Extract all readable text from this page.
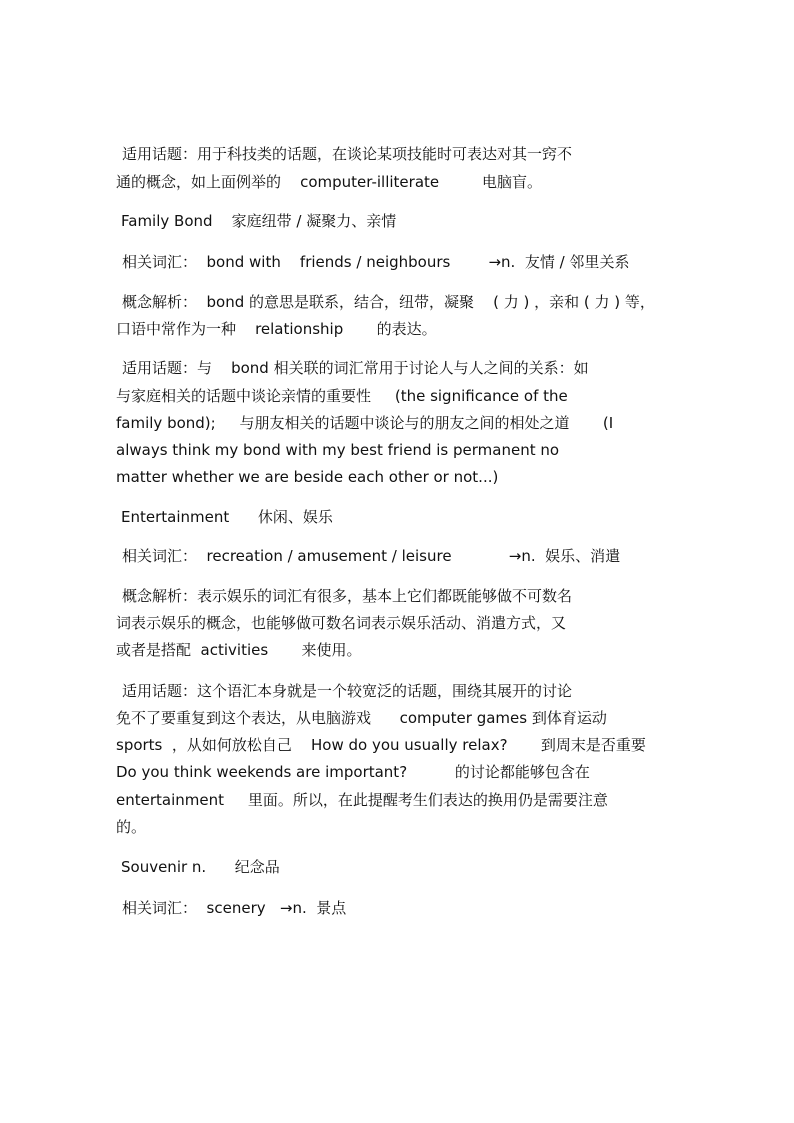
适用话题：用于科技类的话题，在谈论某项技能时可表达对其一窍不

通的概念，如上面例举的    computer-illiterate         电脑盲。

Family Bond    家庭纽带 / 凝聚力、亲情

相关词汇：  bond with    friends / neighbours        →n.  友情 / 邻里关系

概念解析：  bond 的意思是联系，结合，纽带，凝聚    ( 力 ) ，亲和 ( 力 ) 等，

口语中常作为一种    relationship       的表达。

适用话题：与    bond 相关联的词汇常用于讨论人与人之间的关系：如

与家庭相关的话题中谈论亲情的重要性     (the significance of the

family bond);     与朋友相关的话题中谈论与的朋友之间的相处之道       (I

always think my bond with my best friend is permanent no

matter whether we are beside each other or not...)

Entertainment      休闲、娱乐

相关词汇：  recreation / amusement / leisure            →n.  娱乐、消遣

概念解析：表示娱乐的词汇有很多，基本上它们都既能够做不可数名

词表示娱乐的概念，也能够做可数名词表示娱乐活动、消遣方式，又

或者是搭配  activities       来使用。

适用话题：这个语汇本身就是一个较宽泛的话题，围绕其展开的讨论

免不了要重复到这个表达，从电脑游戏      computer games 到体育运动

sports  ，从如何放松自己    How do you usually relax?       到周末是否重要

Do you think weekends are important?          的讨论都能够包含在

entertainment     里面。所以，在此提醒考生们表达的换用仍是需要注意

的。

Souvenir n.      纪念品

相关词汇：  scenery   →n.  景点
